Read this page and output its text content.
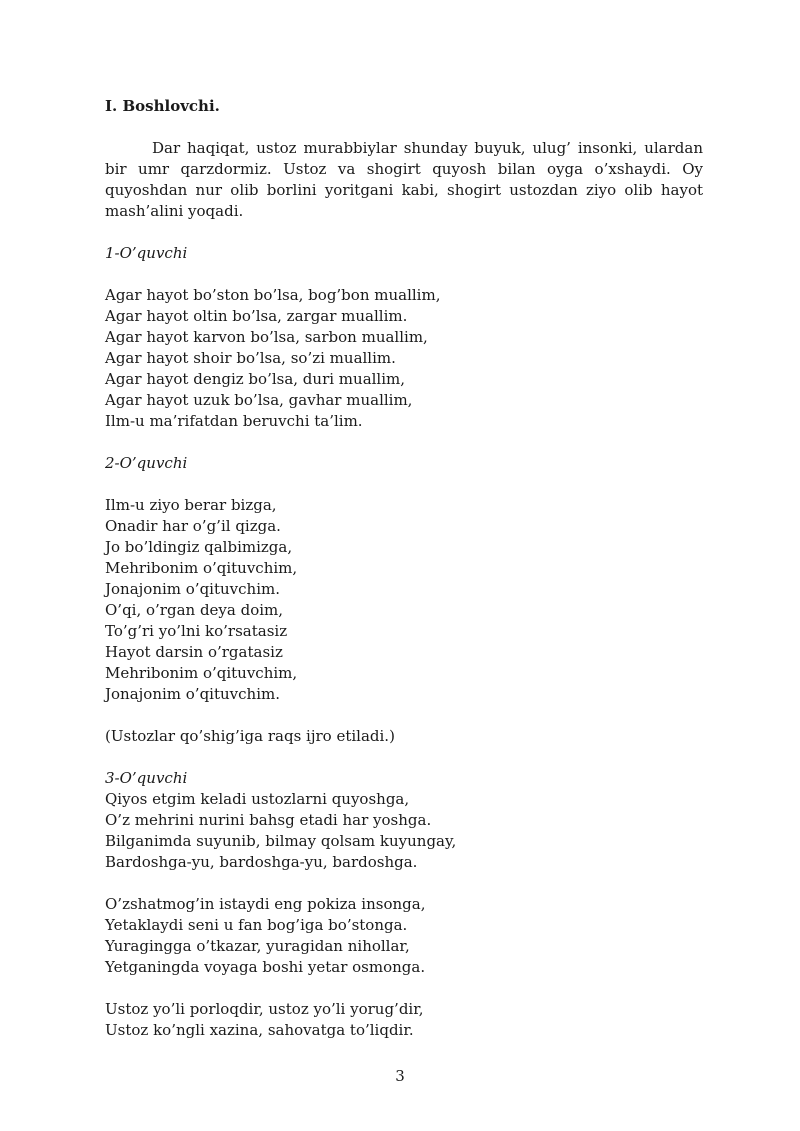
I. Boshlovchi.

Dar haqiqat, ustoz murabbiylar shunday buyuk, ulug’ insonki, ulardan bir umr qarzdormiz. Ustoz va shogirt quyosh bilan oyga o’xshaydi. Oy quyoshdan nur olib borlini yoritgani kabi, shogirt ustozdan ziyo olib hayot mash’alini yoqadi.

1-O’quvchi

Agar hayot bo’ston bo’lsa, bog’bon muallim,

Agar hayot oltin bo’lsa, zargar muallim.

Agar hayot karvon bo’lsa, sarbon muallim,

Agar hayot shoir bo’lsa, so’zi muallim.

Agar hayot dengiz bo’lsa, duri muallim,

Agar hayot uzuk bo’lsa, gavhar muallim,

Ilm-u ma’rifatdan beruvchi ta’lim.

2-O’quvchi

Ilm-u ziyo berar bizga,

Onadir har o’g’il qizga.

Jo bo’ldingiz qalbimizga,

Mehribonim o’qituvchim,

Jonajonim o’qituvchim.

O’qi, o’rgan deya doim,

To’g’ri yo’lni ko’rsatasiz

Hayot darsin o’rgatasiz

Mehribonim o’qituvchim,

Jonajonim o’qituvchim.

(Ustozlar qo’shig’iga raqs ijro etiladi.)

3-O’quvchi

Qiyos etgim keladi ustozlarni quyoshga,

O’z mehrini nurini bahsg etadi har yoshga.

Bilganimda suyunib, bilmay qolsam kuyungay,

Bardoshga-yu, bardoshga-yu, bardoshga.

O’zshatmog’in istaydi eng pokiza insonga,

Yetaklaydi seni u fan bog’iga bo’stonga.

Yuragingga o’tkazar, yuragidan nihollar,

Yetganingda voyaga boshi yetar osmonga.

Ustoz yo’li porloqdir, ustoz yo’li yorug’dir,

Ustoz ko’ngli xazina, sahovatga to’liqdir.

3
